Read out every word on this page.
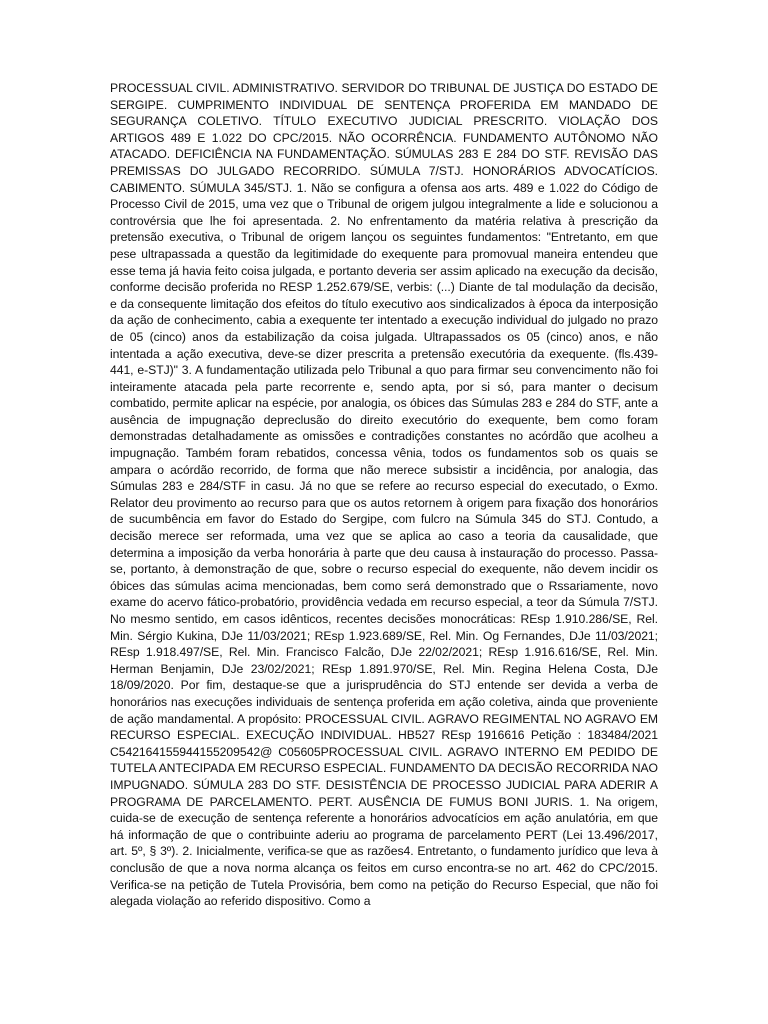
PROCESSUAL CIVIL. ADMINISTRATIVO. SERVIDOR DO TRIBUNAL DE JUSTIÇA DO ESTADO DE SERGIPE. CUMPRIMENTO INDIVIDUAL DE SENTENÇA PROFERIDA EM MANDADO DE SEGURANÇA COLETIVO. TÍTULO EXECUTIVO JUDICIAL PRESCRITO. VIOLAÇÃO DOS ARTIGOS 489 E 1.022 DO CPC/2015. NÃO OCORRÊNCIA. FUNDAMENTO AUTÔNOMO NÃO ATACADO. DEFICIÊNCIA NA FUNDAMENTAÇÃO. SÚMULAS 283 E 284 DO STF. REVISÃO DAS PREMISSAS DO JULGADO RECORRIDO. SÚMULA 7/STJ. HONORÁRIOS ADVOCATÍCIOS. CABIMENTO. SÚMULA 345/STJ. 1. Não se configura a ofensa aos arts. 489 e 1.022 do Código de Processo Civil de 2015, uma vez que o Tribunal de origem julgou integralmente a lide e solucionou a controvérsia que lhe foi apresentada. 2. No enfrentamento da matéria relativa à prescrição da pretensão executiva, o Tribunal de origem lançou os seguintes fundamentos: "Entretanto, em que pese ultrapassada a questão da legitimidade do exequente para promovual maneira entendeu que esse tema já havia feito coisa julgada, e portanto deveria ser assim aplicado na execução da decisão, conforme decisão proferida no RESP 1.252.679/SE, verbis: (...) Diante de tal modulação da decisão, e da consequente limitação dos efeitos do título executivo aos sindicalizados à época da interposição da ação de conhecimento, cabia a exequente ter intentado a execução individual do julgado no prazo de 05 (cinco) anos da estabilização da coisa julgada. Ultrapassados os 05 (cinco) anos, e não intentada a ação executiva, deve-se dizer prescrita a pretensão executória da exequente. (fls.439-441, e-STJ)" 3. A fundamentação utilizada pelo Tribunal a quo para firmar seu convencimento não foi inteiramente atacada pela parte recorrente e, sendo apta, por si só, para manter o decisum combatido, permite aplicar na espécie, por analogia, os óbices das Súmulas 283 e 284 do STF, ante a ausência de impugnação depreclusão do direito executório do exequente, bem como foram demonstradas detalhadamente as omissões e contradições constantes no acórdão que acolheu a impugnação. Também foram rebatidos, concessa vênia, todos os fundamentos sob os quais se ampara o acórdão recorrido, de forma que não merece subsistir a incidência, por analogia, das Súmulas 283 e 284/STF in casu. Já no que se refere ao recurso especial do executado, o Exmo. Relator deu provimento ao recurso para que os autos retornem à origem para fixação dos honorários de sucumbência em favor do Estado do Sergipe, com fulcro na Súmula 345 do STJ. Contudo, a decisão merece ser reformada, uma vez que se aplica ao caso a teoria da causalidade, que determina a imposição da verba honorária à parte que deu causa à instauração do processo. Passa-se, portanto, à demonstração de que, sobre o recurso especial do exequente, não devem incidir os óbices das súmulas acima mencionadas, bem como será demonstrado que o Rssariamente, novo exame do acervo fático-probatório, providência vedada em recurso especial, a teor da Súmula 7/STJ. No mesmo sentido, em casos idênticos, recentes decisões monocráticas: REsp 1.910.286/SE, Rel. Min. Sérgio Kukina, DJe 11/03/2021; REsp 1.923.689/SE, Rel. Min. Og Fernandes, DJe 11/03/2021; REsp 1.918.497/SE, Rel. Min. Francisco Falcão, DJe 22/02/2021; REsp 1.916.616/SE, Rel. Min. Herman Benjamin, DJe 23/02/2021; REsp 1.891.970/SE, Rel. Min. Regina Helena Costa, DJe 18/09/2020. Por fim, destaque-se que a jurisprudência do STJ entende ser devida a verba de honorários nas execuções individuais de sentença proferida em ação coletiva, ainda que proveniente de ação mandamental. A propósito: PROCESSUAL CIVIL. AGRAVO REGIMENTAL NO AGRAVO EM RECURSO ESPECIAL. EXECUÇÃO INDIVIDUAL. HB527 REsp 1916616 Petição : 183484/2021 C542164155944155209542@ C05605PROCESSUAL CIVIL. AGRAVO INTERNO EM PEDIDO DE TUTELA ANTECIPADA EM RECURSO ESPECIAL. FUNDAMENTO DA DECISÃO RECORRIDA NAO IMPUGNADO. SÚMULA 283 DO STF. DESISTÊNCIA DE PROCESSO JUDICIAL PARA ADERIR A PROGRAMA DE PARCELAMENTO. PERT. AUSÊNCIA DE FUMUS BONI JURIS. 1. Na origem, cuida-se de execução de sentença referente a honorários advocatícios em ação anulatória, em que há informação de que o contribuinte aderiu ao programa de parcelamento PERT (Lei 13.496/2017, art. 5º, § 3º). 2. Inicialmente, verifica-se que as razões4. Entretanto, o fundamento jurídico que leva à conclusão de que a nova norma alcança os feitos em curso encontra-se no art. 462 do CPC/2015. Verifica-se na petição de Tutela Provisória, bem como na petição do Recurso Especial, que não foi alegada violação ao referido dispositivo. Como a
